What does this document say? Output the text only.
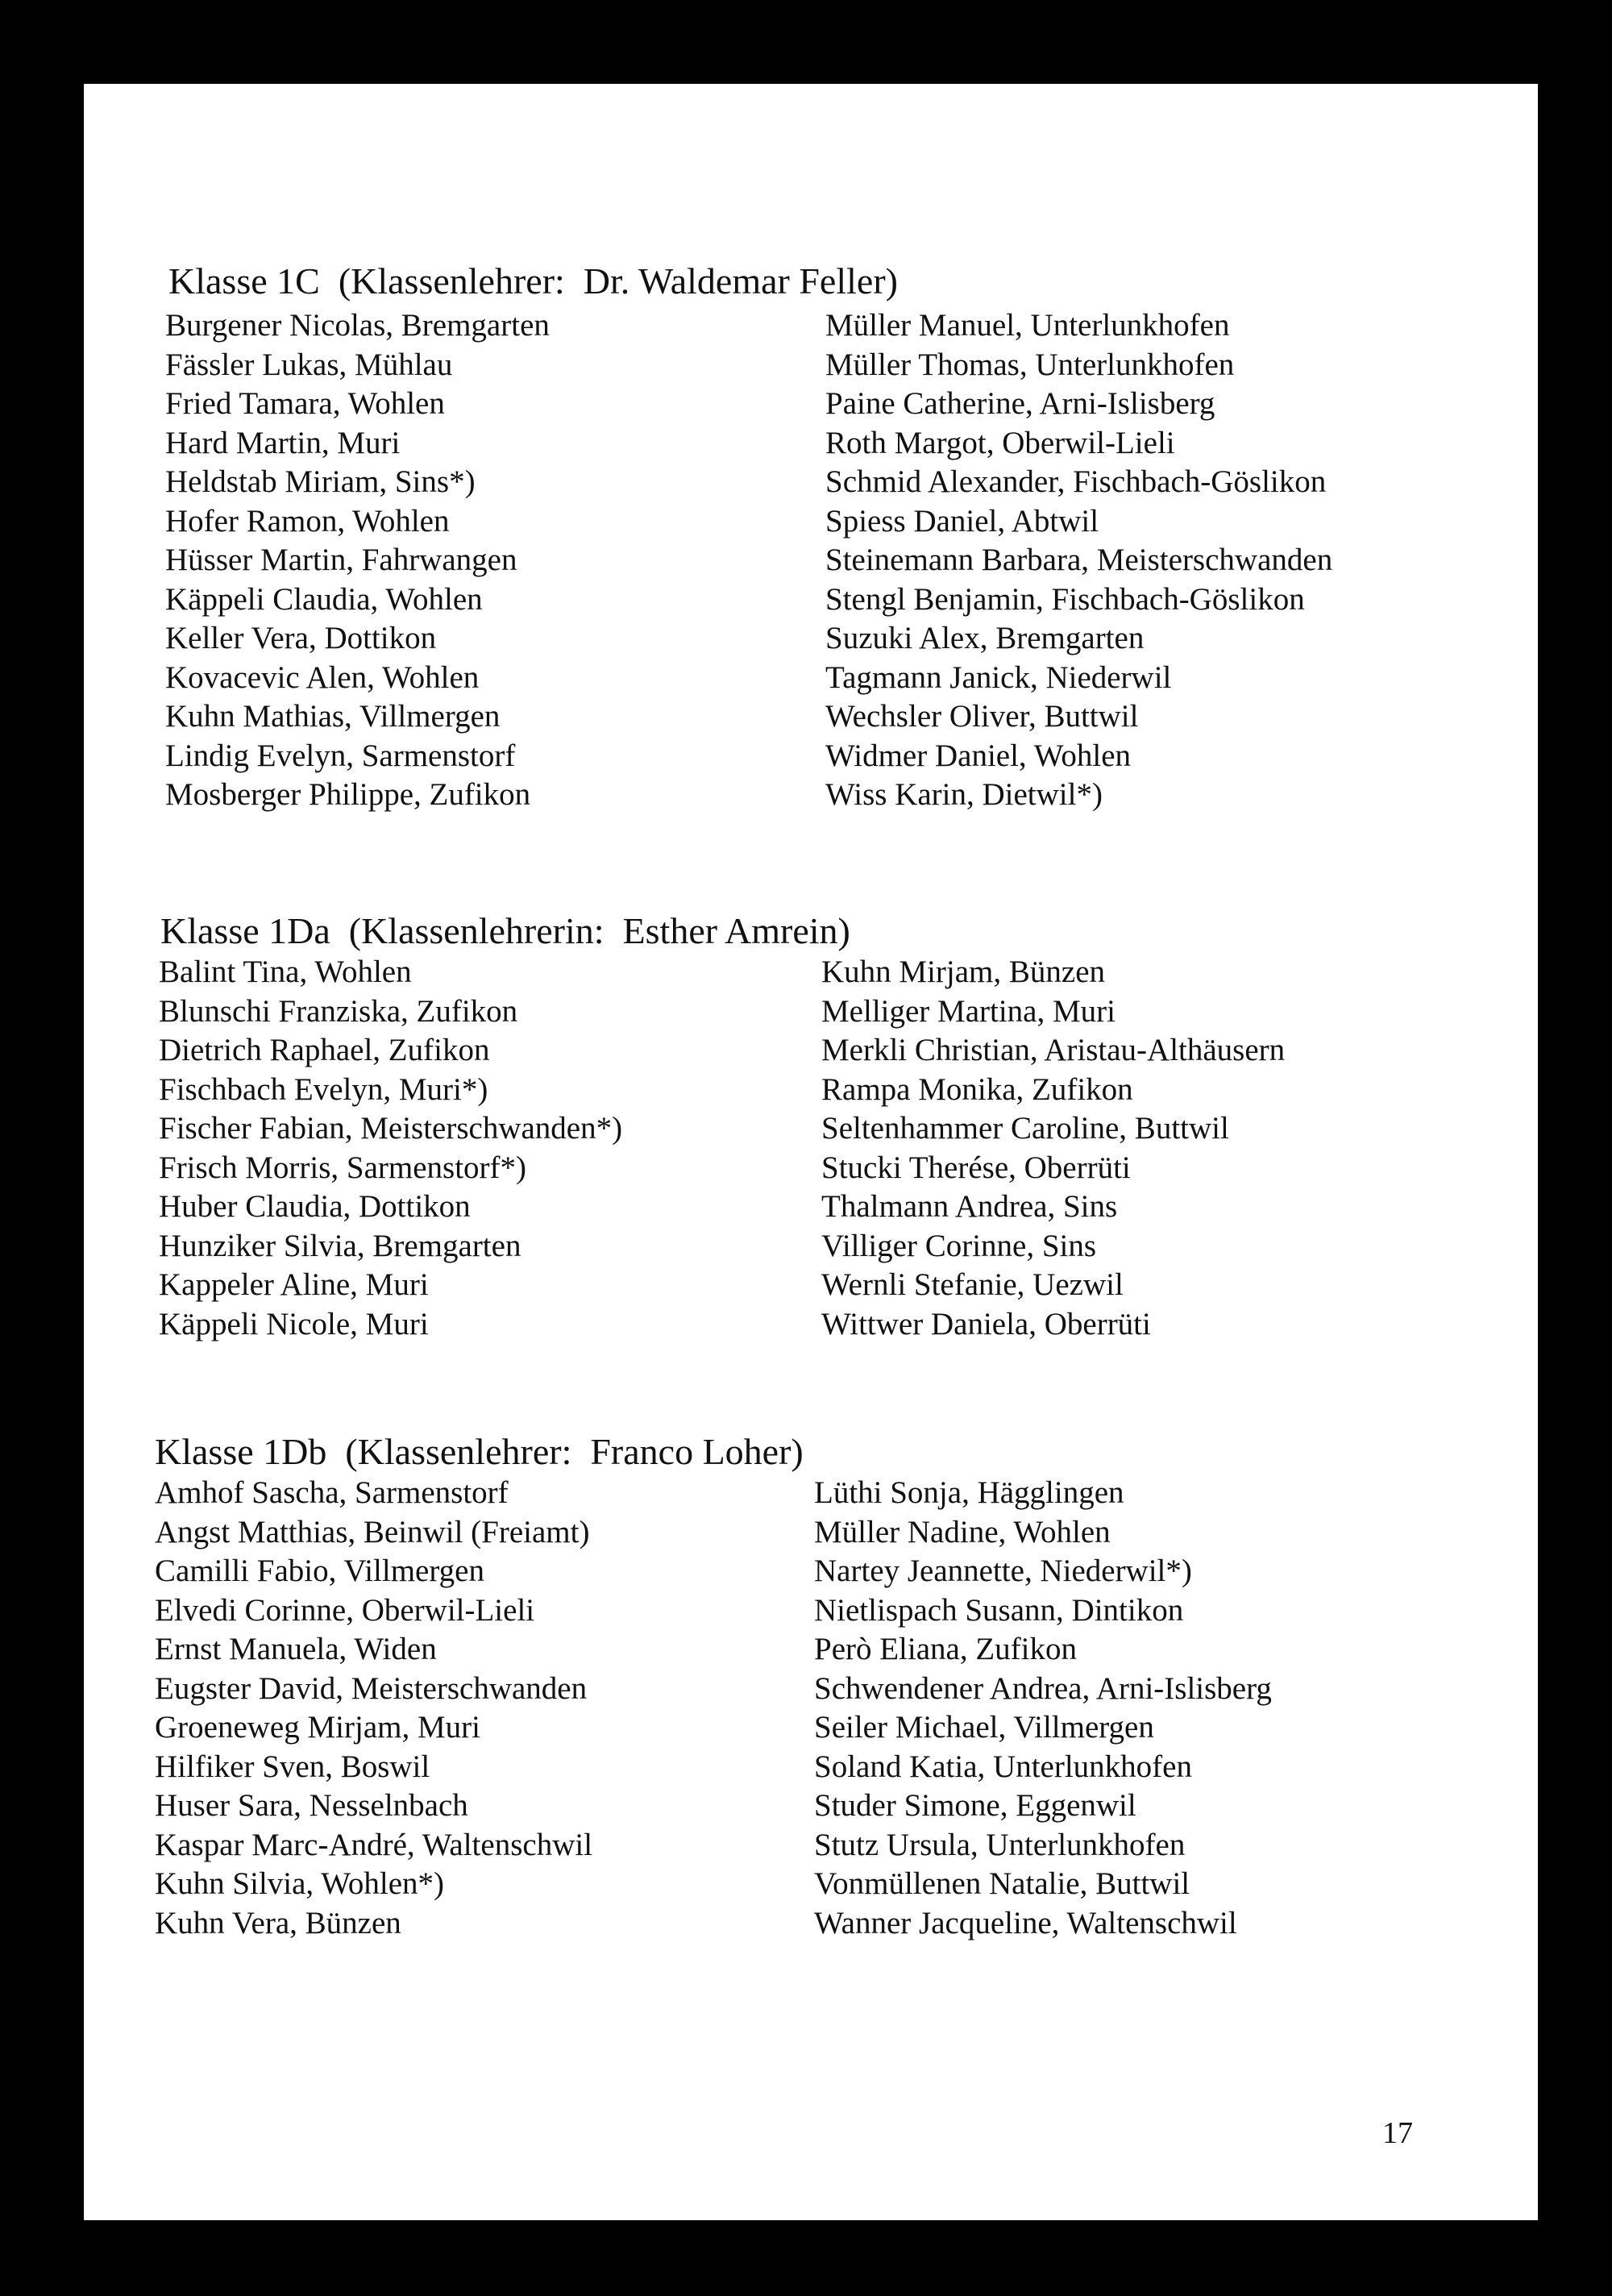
Klasse 1C  (Klassenlehrer:  Dr. Waldemar Feller)
Burgener Nicolas, Bremgarten
Fässler Lukas, Mühlau
Fried Tamara, Wohlen
Hard Martin, Muri
Heldstab Miriam, Sins*)
Hofer Ramon, Wohlen
Hüsser Martin, Fahrwangen
Käppeli Claudia, Wohlen
Keller Vera, Dottikon
Kovacevic Alen, Wohlen
Kuhn Mathias, Villmergen
Lindig Evelyn, Sarmenstorf
Mosberger Philippe, Zufikon
Müller Manuel, Unterlunkhofen
Müller Thomas, Unterlunkhofen
Paine Catherine, Arni-Islisberg
Roth Margot, Oberwil-Lieli
Schmid Alexander, Fischbach-Göslikon
Spiess Daniel, Abtwil
Steinemann Barbara, Meisterschwanden
Stengl Benjamin, Fischbach-Göslikon
Suzuki Alex, Bremgarten
Tagmann Janick, Niederwil
Wechsler Oliver, Buttwil
Widmer Daniel, Wohlen
Wiss Karin, Dietwil*)
Klasse 1Da  (Klassenlehrerin:  Esther Amrein)
Balint Tina, Wohlen
Blunschi Franziska, Zufikon
Dietrich Raphael, Zufikon
Fischbach Evelyn, Muri*)
Fischer Fabian, Meisterschwanden*)
Frisch Morris, Sarmenstorf*)
Huber Claudia, Dottikon
Hunziker Silvia, Bremgarten
Kappeler Aline, Muri
Käppeli Nicole, Muri
Kuhn Mirjam, Bünzen
Melliger Martina, Muri
Merkli Christian, Aristau-Althäusern
Rampa Monika, Zufikon
Seltenhammer Caroline, Buttwil
Stucki Therése, Oberrüti
Thalmann Andrea, Sins
Villiger Corinne, Sins
Wernli Stefanie, Uezwil
Wittwer Daniela, Oberrüti
Klasse 1Db  (Klassenlehrer:  Franco Loher)
Amhof Sascha, Sarmenstorf
Angst Matthias, Beinwil (Freiamt)
Camilli Fabio, Villmergen
Elvedi Corinne, Oberwil-Lieli
Ernst Manuela, Widen
Eugster David, Meisterschwanden
Groeneweg Mirjam, Muri
Hilfiker Sven, Boswil
Huser Sara, Nesselnbach
Kaspar Marc-André, Waltenschwil
Kuhn Silvia, Wohlen*)
Kuhn Vera, Bünzen
Lüthi Sonja, Hägglingen
Müller Nadine, Wohlen
Nartey Jeannette, Niederwil*)
Nietlispach Susann, Dintikon
Però Eliana, Zufikon
Schwendener Andrea, Arni-Islisberg
Seiler Michael, Villmergen
Soland Katia, Unterlunkhofen
Studer Simone, Eggenwil
Stutz Ursula, Unterlunkhofen
Vonmüllenen Natalie, Buttwil
Wanner Jacqueline, Waltenschwil
17
